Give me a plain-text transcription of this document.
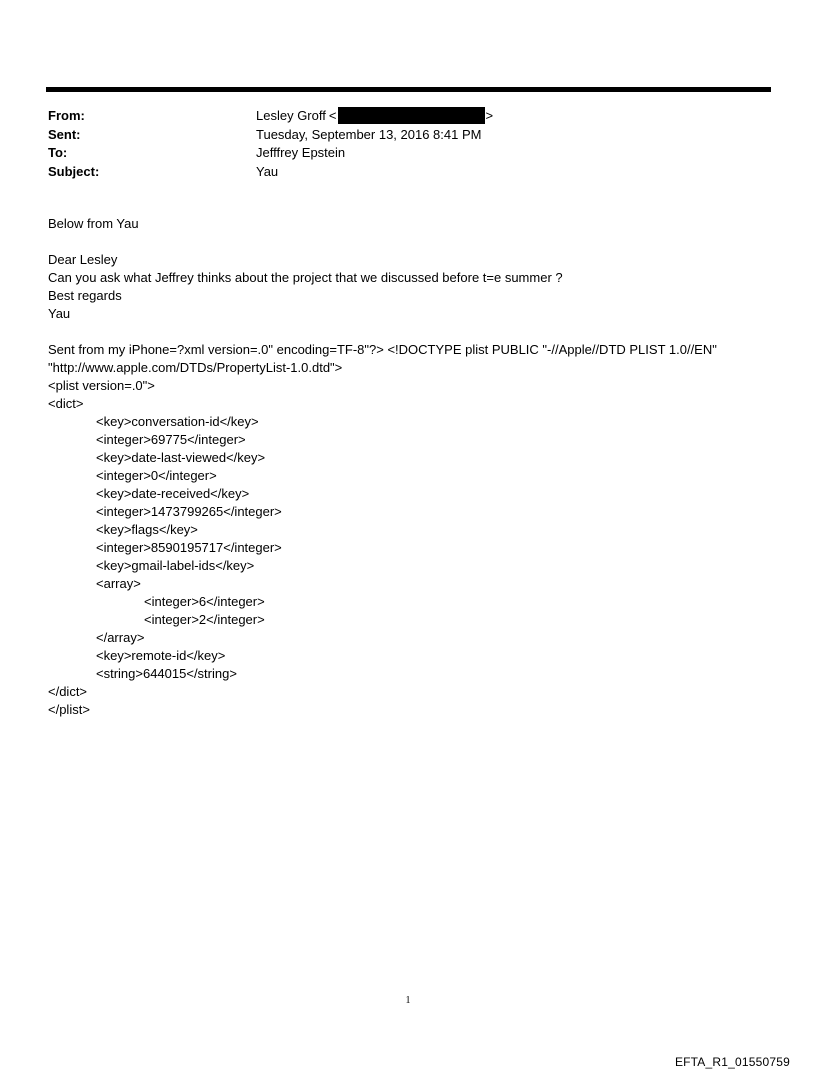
From:	Lesley Groff <	>
Sent:	Tuesday, September 13, 2016 8:41 PM
To:	Jefffrey Epstein
Subject:	Yau
Below from Yau
Dear Lesley
Can you ask what Jeffrey thinks about the project that we discussed before t=e summer ?
Best regards
Yau
Sent from my iPhone=?xml version=.0" encoding=TF-8"?> <!DOCTYPE plist PUBLIC "-//Apple//DTD PLIST 1.0//EN"
"http://www.apple.com/DTDs/PropertyList-1.0.dtd">
<plist version=.0">
<dict>
<key>conversation-id</key>
<integer>69775</integer>
<key>date-last-viewed</key>
<integer>0</integer>
<key>date-received</key>
<integer>1473799265</integer>
<key>flags</key>
<integer>8590195717</integer>
<key>gmail-label-ids</key>
<array>
<integer>6</integer>
<integer>2</integer>
</array>
<key>remote-id</key>
<string>644015</string>
</dict>
</plist>
1
EFTA_R1_01550759
